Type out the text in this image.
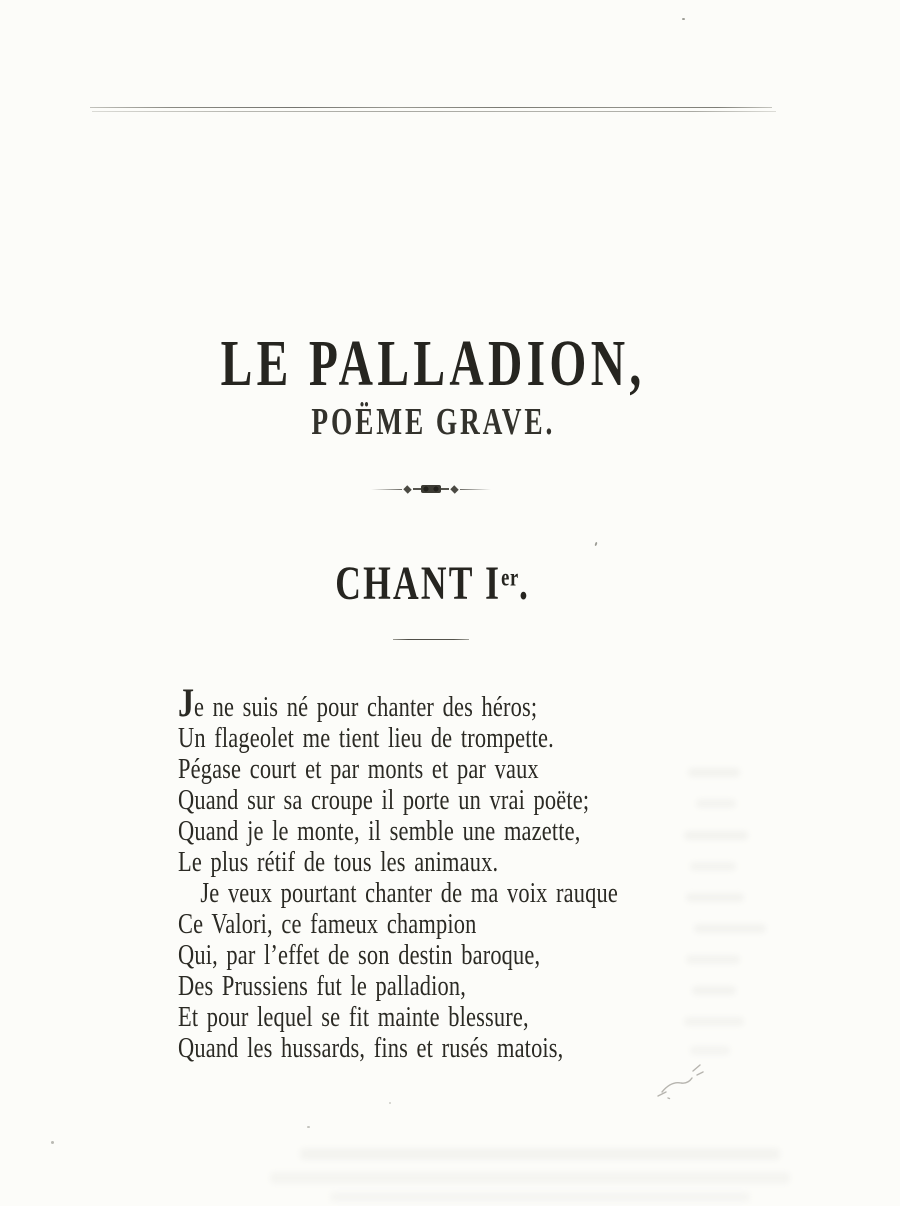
LE PALLADION,
POËME GRAVE.
CHANT Ier.
Je ne suis né pour chanter des héros;
Un flageolet me tient lieu de trompette.
Pégase court et par monts et par vaux
Quand sur sa croupe il porte un vrai poëte;
Quand je le monte, il semble une mazette,
Le plus rétif de tous les animaux.
Je veux pourtant chanter de ma voix rauque
Ce Valori, ce fameux champion
Qui, par l’effet de son destin baroque,
Des Prussiens fut le palladion,
Et pour lequel se fit mainte blessure,
Quand les hussards, fins et rusés matois,
